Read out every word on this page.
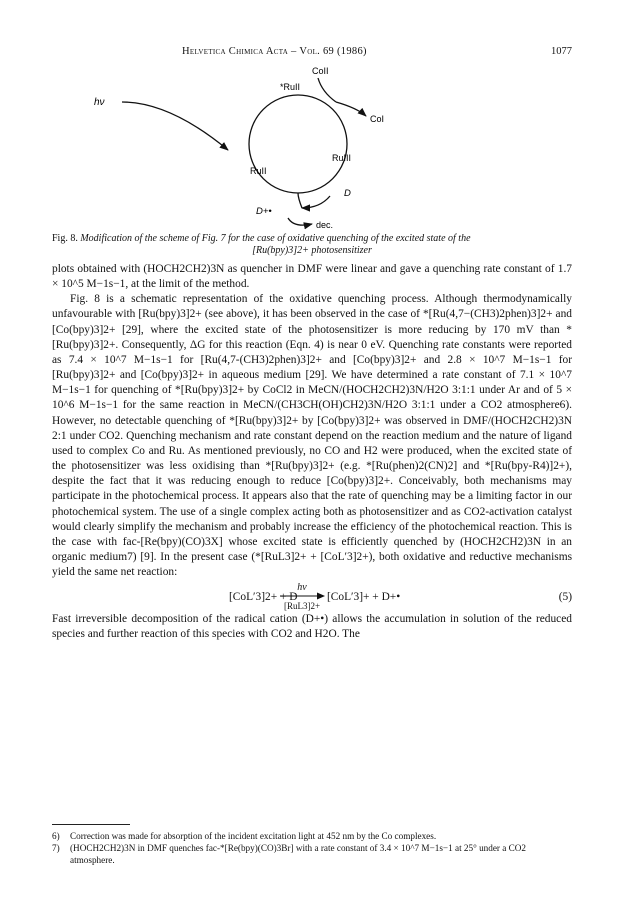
Helvetica Chimica Acta – Vol. 69 (1986)	1077
CoII
hν
*RuII
CoI
RuIII
RuII
D
D+•
dec.
Fig. 8. Modification of the scheme of Fig. 7 for the case of oxidative quenching of the excited state of the
[Ru(bpy)3]2+ photosensitizer

plots obtained with (HOCH2CH2)3N as quencher in DMF were linear and gave a quenching rate constant of 1.7 × 10^5 M−1s−1, at the limit of the method.

Fig. 8 is a schematic representation of the oxidative quenching process. Although thermodynamically unfavourable with [Ru(bpy)3]2+ (see above), it has been observed in the case of *[Ru(4,7−(CH3)2phen)3]2+ and [Co(bpy)3]2+ [29], where the excited state of the photosensitizer is more reducing by 170 mV than *[Ru(bpy)3]2+. Consequently, ΔG for this reaction (Eqn. 4) is near 0 eV. Quenching rate constants were reported as 7.4 × 10^7 M−1s−1 for [Ru(4,7-(CH3)2phen)3]2+ and [Co(bpy)3]2+ and 2.8 × 10^7 M−1s−1 for [Ru(bpy)3]2+ and [Co(bpy)3]2+ in aqueous medium [29]. We have determined a rate constant of 7.1 × 10^7 M−1s−1 for quenching of *[Ru(bpy)3]2+ by CoCl2 in MeCN/(HOCH2CH2)3N/H2O 3:1:1 under Ar and of 5 × 10^6 M−1s−1 for the same reaction in MeCN/(CH3CH(OH)CH2)3N/H2O 3:1:1 under a CO2 atmosphere6). However, no detectable quenching of *[Ru(bpy)3]2+ by [Co(bpy)3]2+ was observed in DMF/(HOCH2CH2)3N 2:1 under CO2. Quenching mechanism and rate constant depend on the reaction medium and the nature of ligand used to complex Co and Ru. As mentioned previously, no CO and H2 were produced, when the excited state of the photosensitizer was less oxidising than *[Ru(bpy)3]2+ (e.g. *[Ru(phen)2(CN)2] and *[Ru(bpy-R4)]2+), despite the fact that it was reducing enough to reduce [Co(bpy)3]2+. Conceivably, both mechanisms may participate in the photochemical process. It appears also that the rate of quenching may be a limiting factor in our photochemical system. The use of a single complex acting both as photosensitizer and as CO2-activation catalyst would clearly simplify the mechanism and probably increase the efficiency of the photochemical reaction. This is the case with fac-[Re(bpy)(CO)3X] whose excited state is efficiently quenched by (HOCH2CH2)3N in an organic medium7) [9]. In the present case (*[RuL3]2+ + [CoL′3]2+), both oxidative and reductive mechanisms yield the same net reaction:

[CoL′3]2+ + D
hν
[RuL3]2+
[CoL′3]+ + D+•	(5)

Fast irreversible decomposition of the radical cation (D+•) allows the accumulation in solution of the reduced species and further reaction of this species with CO2 and H2O. The

6) Correction was made for absorption of the incident excitation light at 452 nm by the Co complexes.
7) (HOCH2CH2)3N in DMF quenches fac-*[Re(bpy)(CO)3Br] with a rate constant of 3.4 × 10^7 M−1s−1 at 25° under a CO2 atmosphere.
